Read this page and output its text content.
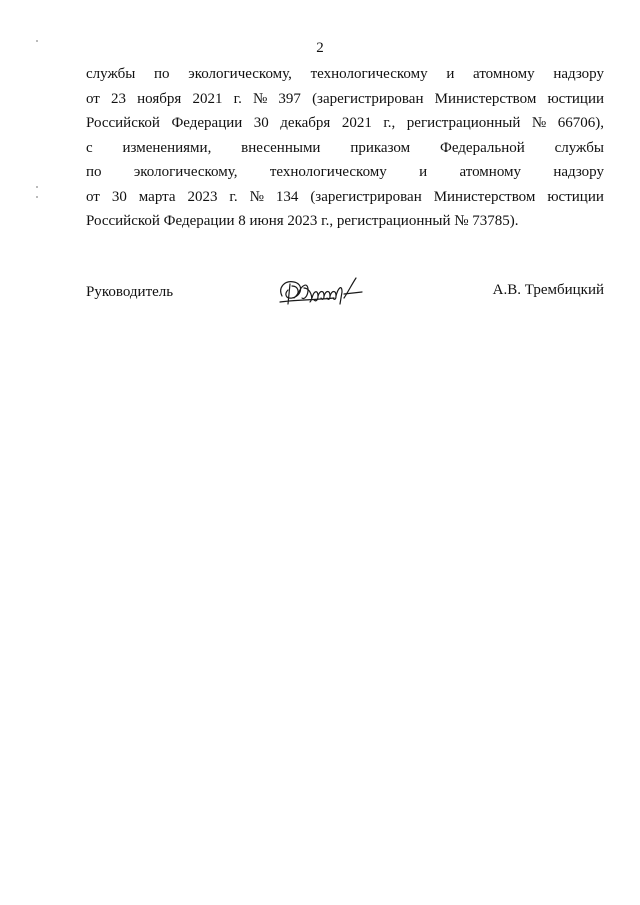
2
службы по экологическому, технологическому и атомному надзору
от 23 ноября 2021 г. № 397 (зарегистрирован Министерством юстиции
Российской Федерации 30 декабря 2021 г., регистрационный № 66706),
с изменениями, внесенными приказом Федеральной службы
по экологическому, технологическому и атомному надзору
от 30 марта 2023 г. № 134 (зарегистрирован Министерством юстиции
Российской Федерации 8 июня 2023 г., регистрационный № 73785).
Руководитель	А.В. Трембицкий
